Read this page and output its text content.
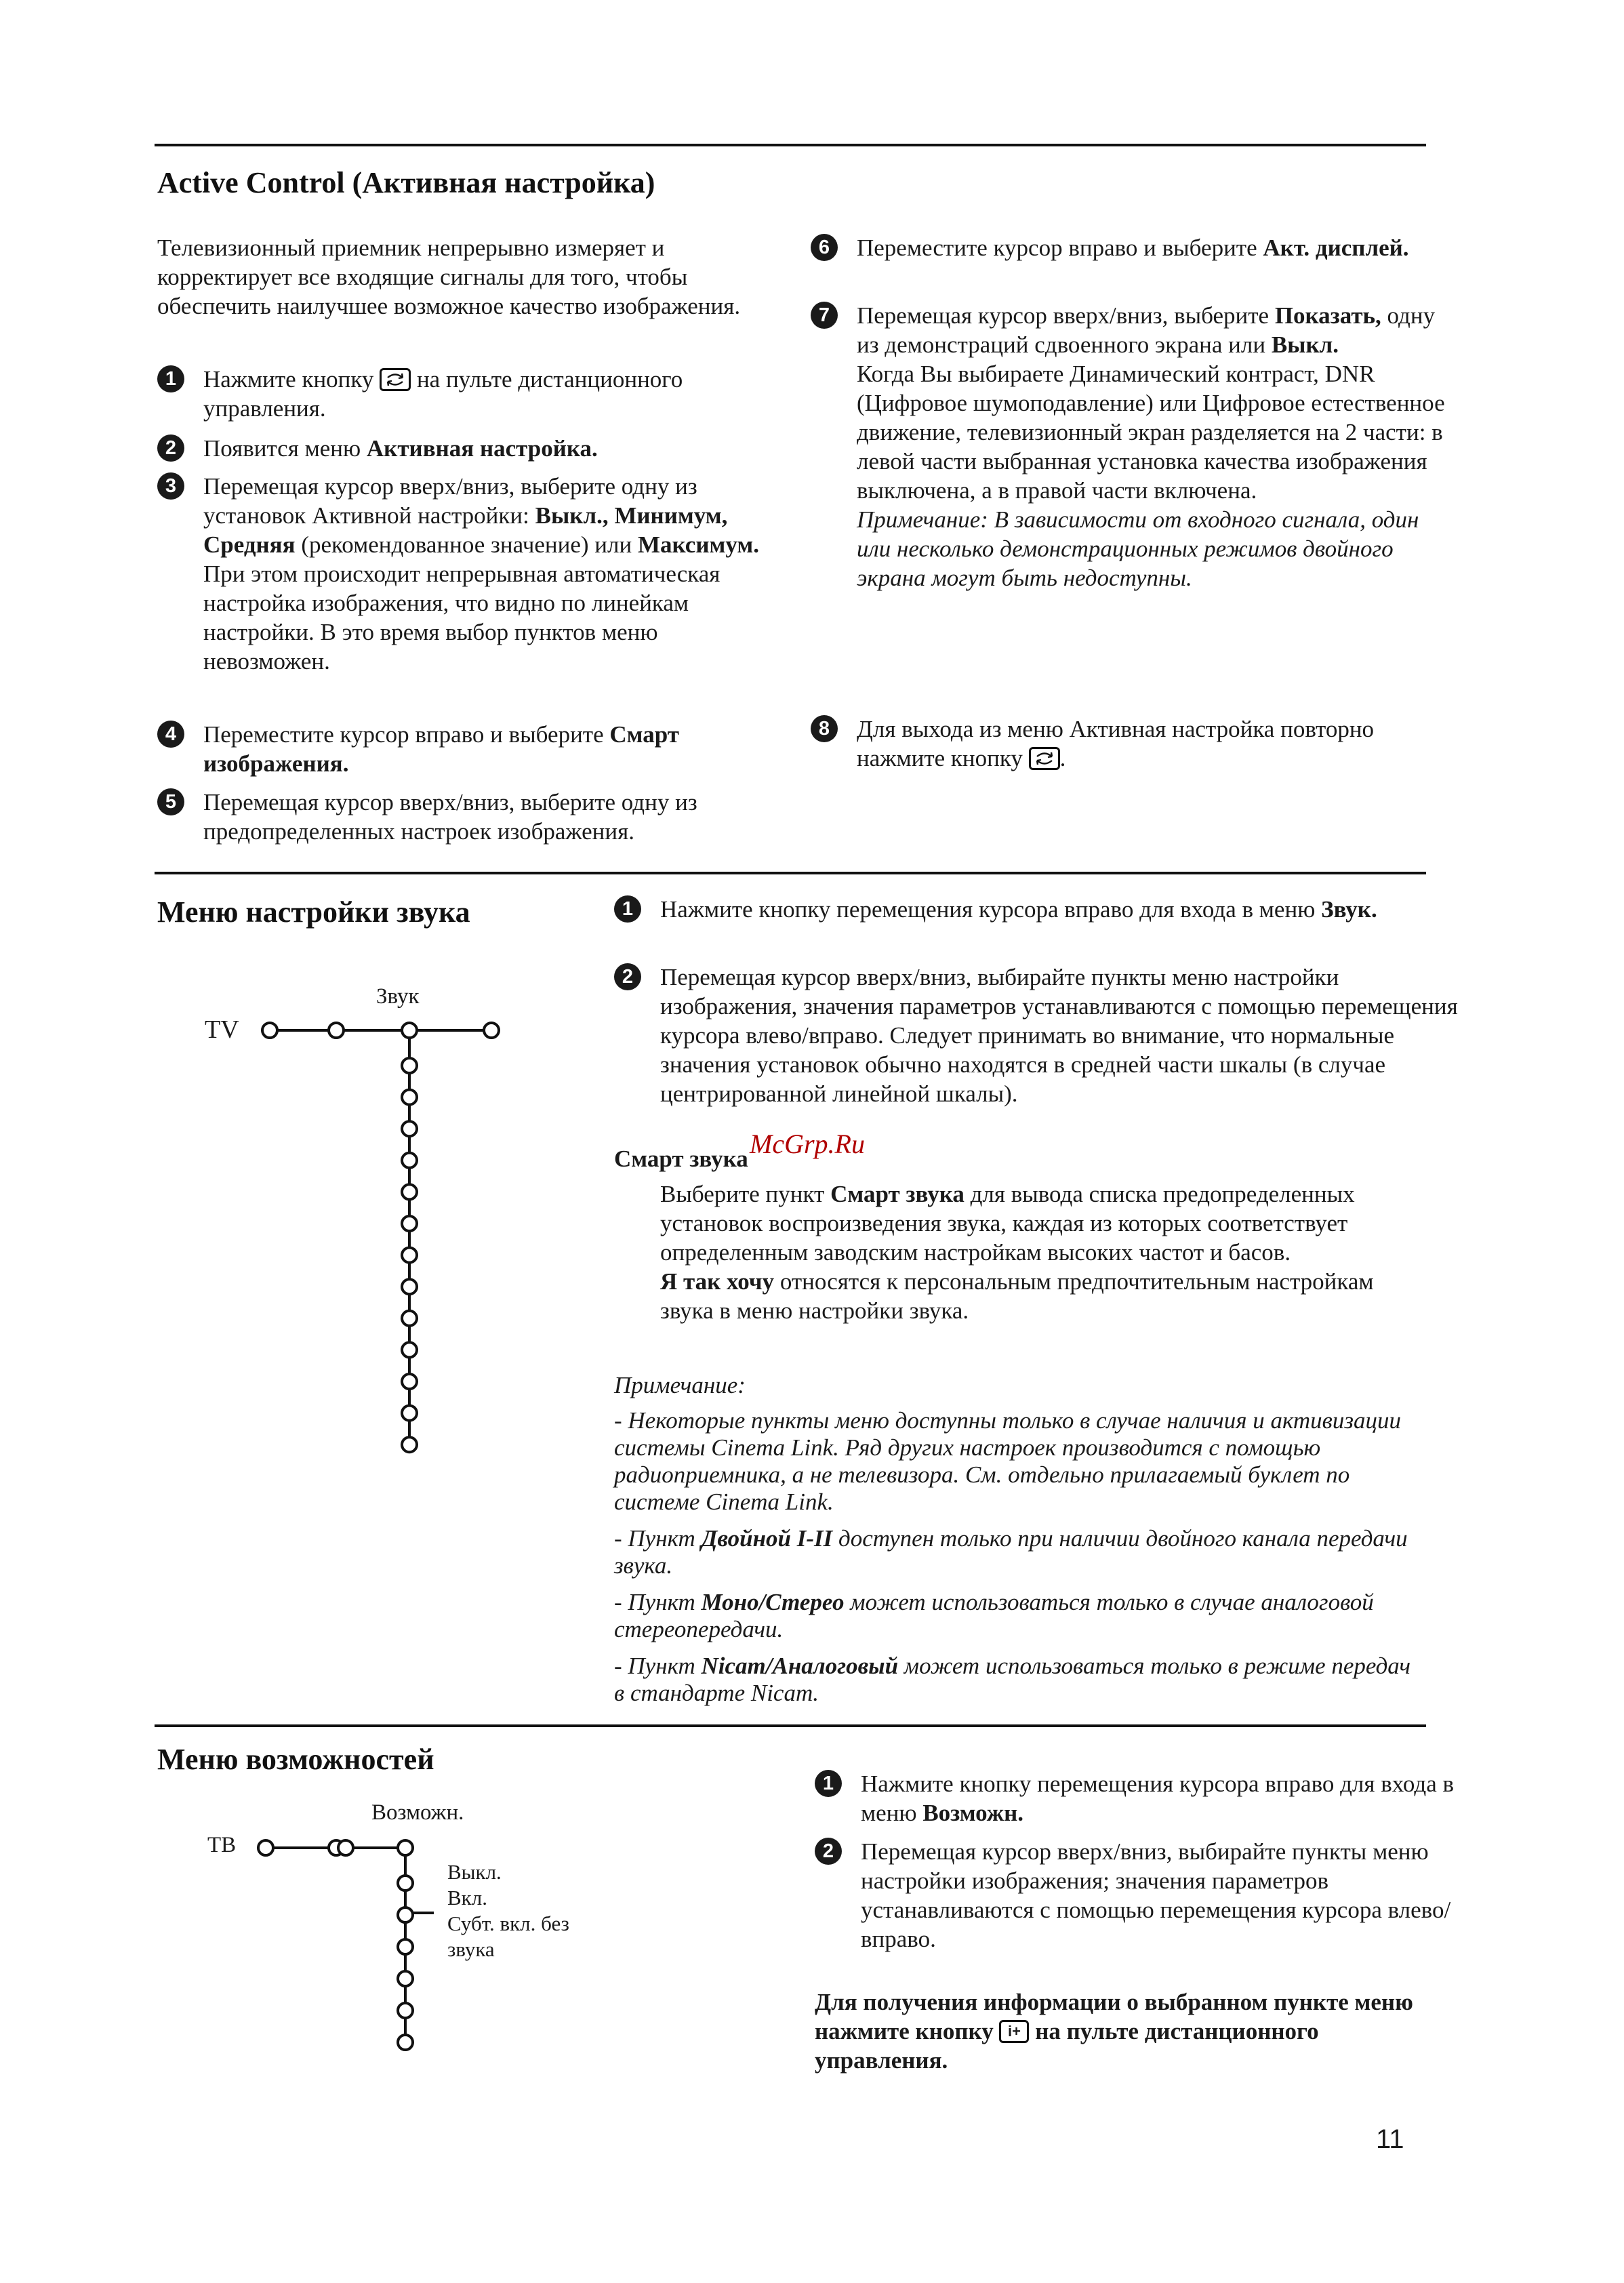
Active Control (Активная настройка)
Телевизионный приемник непрерывно измеряет и корректирует все входящие сигналы для того, чтобы обеспечить наилучшее возможное качество изображения.
1	Нажмите кнопку на пульте дистанционного управления.
2	Появится меню Активная настройка.
3	Перемещая курсор вверх/вниз, выберите одну из установок Активной настройки: Выкл., Минимум, Средняя (рекомендованное значение) или Максимум.
При этом происходит непрерывная автоматическая настройка изображения, что видно по линейкам настройки. В это время выбор пунктов меню невозможен.
4	Переместите курсор вправо и выберите Смарт изображения.
5	Перемещая курсор вверх/вниз, выберите одну из предопределенных настроек изображения.
6	Переместите курсор вправо и выберите Акт. дисплей.
7	Перемещая курсор вверх/вниз, выберите Показать, одну из демонстраций сдвоенного экрана или Выкл.
Когда Вы выбираете Динамический контраст, DNR (Цифровое шумоподавление) или Цифровое естественное движение, телевизионный экран разделяется на 2 части: в левой части выбранная установка качества изображения выключена, а в правой части включена.
Примечание: В зависимости от входного сигнала, один или несколько демонстрационных режимов двойного экрана могут быть недоступны.
8	Для выхода из меню Активная настройка повторно нажмите кнопку .
Меню настройки звука
TV
Звук
1	Нажмите кнопку перемещения курсора вправо для входа в меню Звук.
2	Перемещая курсор вверх/вниз, выбирайте пункты меню настройки изображения, значения параметров устанавливаются с помощью перемещения курсора влево/вправо. Следует принимать во внимание, что нормальные значения установок обычно находятся в средней части шкалы (в случае центрированной линейной шкалы).
Смарт звука
Выберите пункт Смарт звука для вывода списка предопределенных установок воспроизведения звука, каждая из которых соответствует определенным заводским настройкам высоких частот и басов.
Я так хочу относятся к персональным предпочтительным настройкам звука в меню настройки звука.
Примечание:
- Некоторые пункты меню доступны только в случае наличия и активизации системы Cinema Link. Ряд других настроек производится с помощью радиоприемника, а не телевизора. См. отдельно прилагаемый буклет по системе Cinema Link.
- Пункт Двойной I-II доступен только при наличии двойного канала передачи звука.
- Пункт Моно/Стерео может использоваться только в случае аналоговой стереопередачи.
- Пункт Nicam/Аналоговый может использоваться только в режиме передач в стандарте Nicam.
McGrp.Ru
Меню возможностей
ТВ
Возможн.
Выкл.
Вкл.
Субт. вкл. без
звука
1	Нажмите кнопку перемещения курсора вправо для входа в меню Возможн.
2	Перемещая курсор вверх/вниз, выбирайте пункты меню настройки изображения; значения параметров устанавливаются с помощью перемещения курсора влево/вправо.
Для получения информации о выбранном пункте меню нажмите кнопку i+ на пульте дистанционного управления.
11
